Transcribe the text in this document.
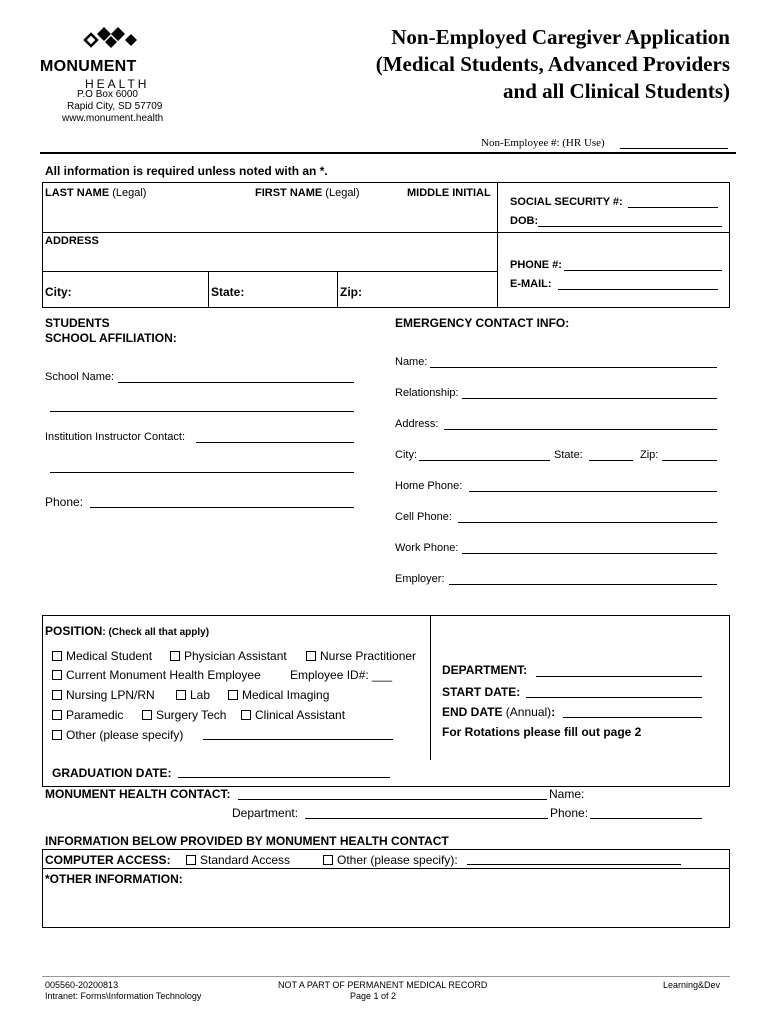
MONUMENT
HEALTH
P.O Box 6000
Rapid City, SD 57709
www.monument.health
Non-Employed Caregiver Application
(Medical Students, Advanced Providers
and all Clinical Students)
Non-Employee #: (HR Use)
All information is required unless noted with an *.
LAST NAME (Legal)	FIRST NAME (Legal)	MIDDLE INITIAL
SOCIAL SECURITY #:
DOB:
ADDRESS
PHONE #:
E-MAIL:
City:	State:	Zip:
STUDENTS
SCHOOL AFFILIATION:
School Name:
Institution Instructor Contact:
Phone:
EMERGENCY CONTACT INFO:
Name:
Relationship:
Address:
City:	State:	Zip:
Home Phone:
Cell Phone:
Work Phone:
Employer:
POSITION: (Check all that apply)
Medical Student	Physician Assistant	Nurse Practitioner
Current Monument Health Employee Employee ID#: ___
Nursing LPN/RN	Lab	Medical Imaging
Paramedic	Surgery Tech	Clinical Assistant
Other (please specify)
DEPARTMENT:
START DATE:
END DATE (Annual):
For Rotations please fill out page 2
GRADUATION DATE:
MONUMENT HEALTH CONTACT:	Name:
Department:	Phone:
INFORMATION BELOW PROVIDED BY MONUMENT HEALTH CONTACT
COMPUTER ACCESS:	Standard Access	Other (please specify):
*OTHER INFORMATION:
005560-20200813
Intranet: Forms\Information Technology
NOT A PART OF PERMANENT MEDICAL RECORD
Page 1 of 2
Learning&Dev
